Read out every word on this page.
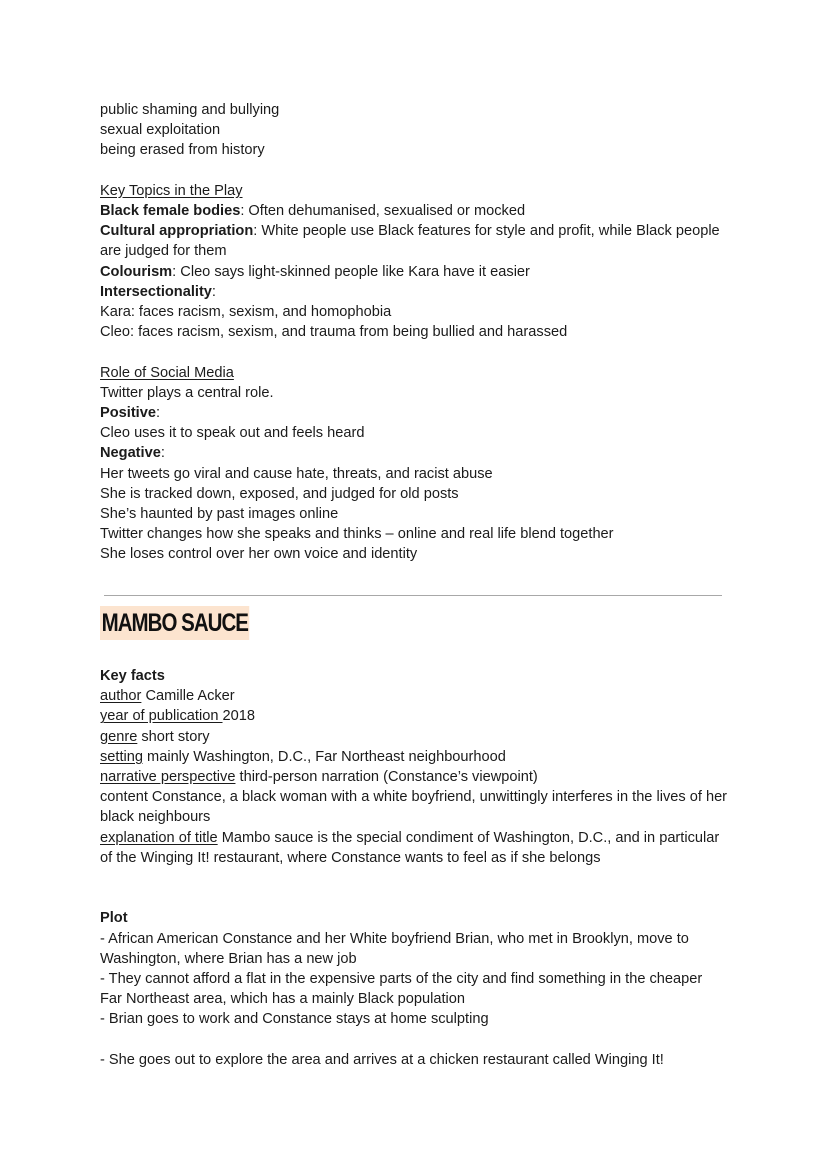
public shaming and bullying
sexual exploitation
being erased from history
Key Topics in the Play
Black female bodies: Often dehumanised, sexualised or mocked
Cultural appropriation: White people use Black features for style and profit, while Black people are judged for them
Colourism: Cleo says light-skinned people like Kara have it easier
Intersectionality:
Kara: faces racism, sexism, and homophobia
Cleo: faces racism, sexism, and trauma from being bullied and harassed
Role of Social Media
Twitter plays a central role.
Positive:
Cleo uses it to speak out and feels heard
Negative:
Her tweets go viral and cause hate, threats, and racist abuse
She is tracked down, exposed, and judged for old posts
She’s haunted by past images online
Twitter changes how she speaks and thinks – online and real life blend together
She loses control over her own voice and identity
MAMBO SAUCE
Key facts
author Camille Acker
year of publication 2018
genre short story
setting mainly Washington, D.C., Far Northeast neighbourhood
narrative perspective third-person narration (Constance’s viewpoint)
content Constance, a black woman with a white boyfriend, unwittingly interferes in the lives of her black neighbours
explanation of title Mambo sauce is the special condiment of Washington, D.C., and in particular of the Winging It! restaurant, where Constance wants to feel as if she belongs
Plot
- African American Constance and her White boyfriend Brian, who met in Brooklyn, move to Washington, where Brian has a new job
- They cannot afford a flat in the expensive parts of the city and find something in the cheaper Far Northeast area, which has a mainly Black population
- Brian goes to work and Constance stays at home sculpting
- She goes out to explore the area and arrives at a chicken restaurant called Winging It!
